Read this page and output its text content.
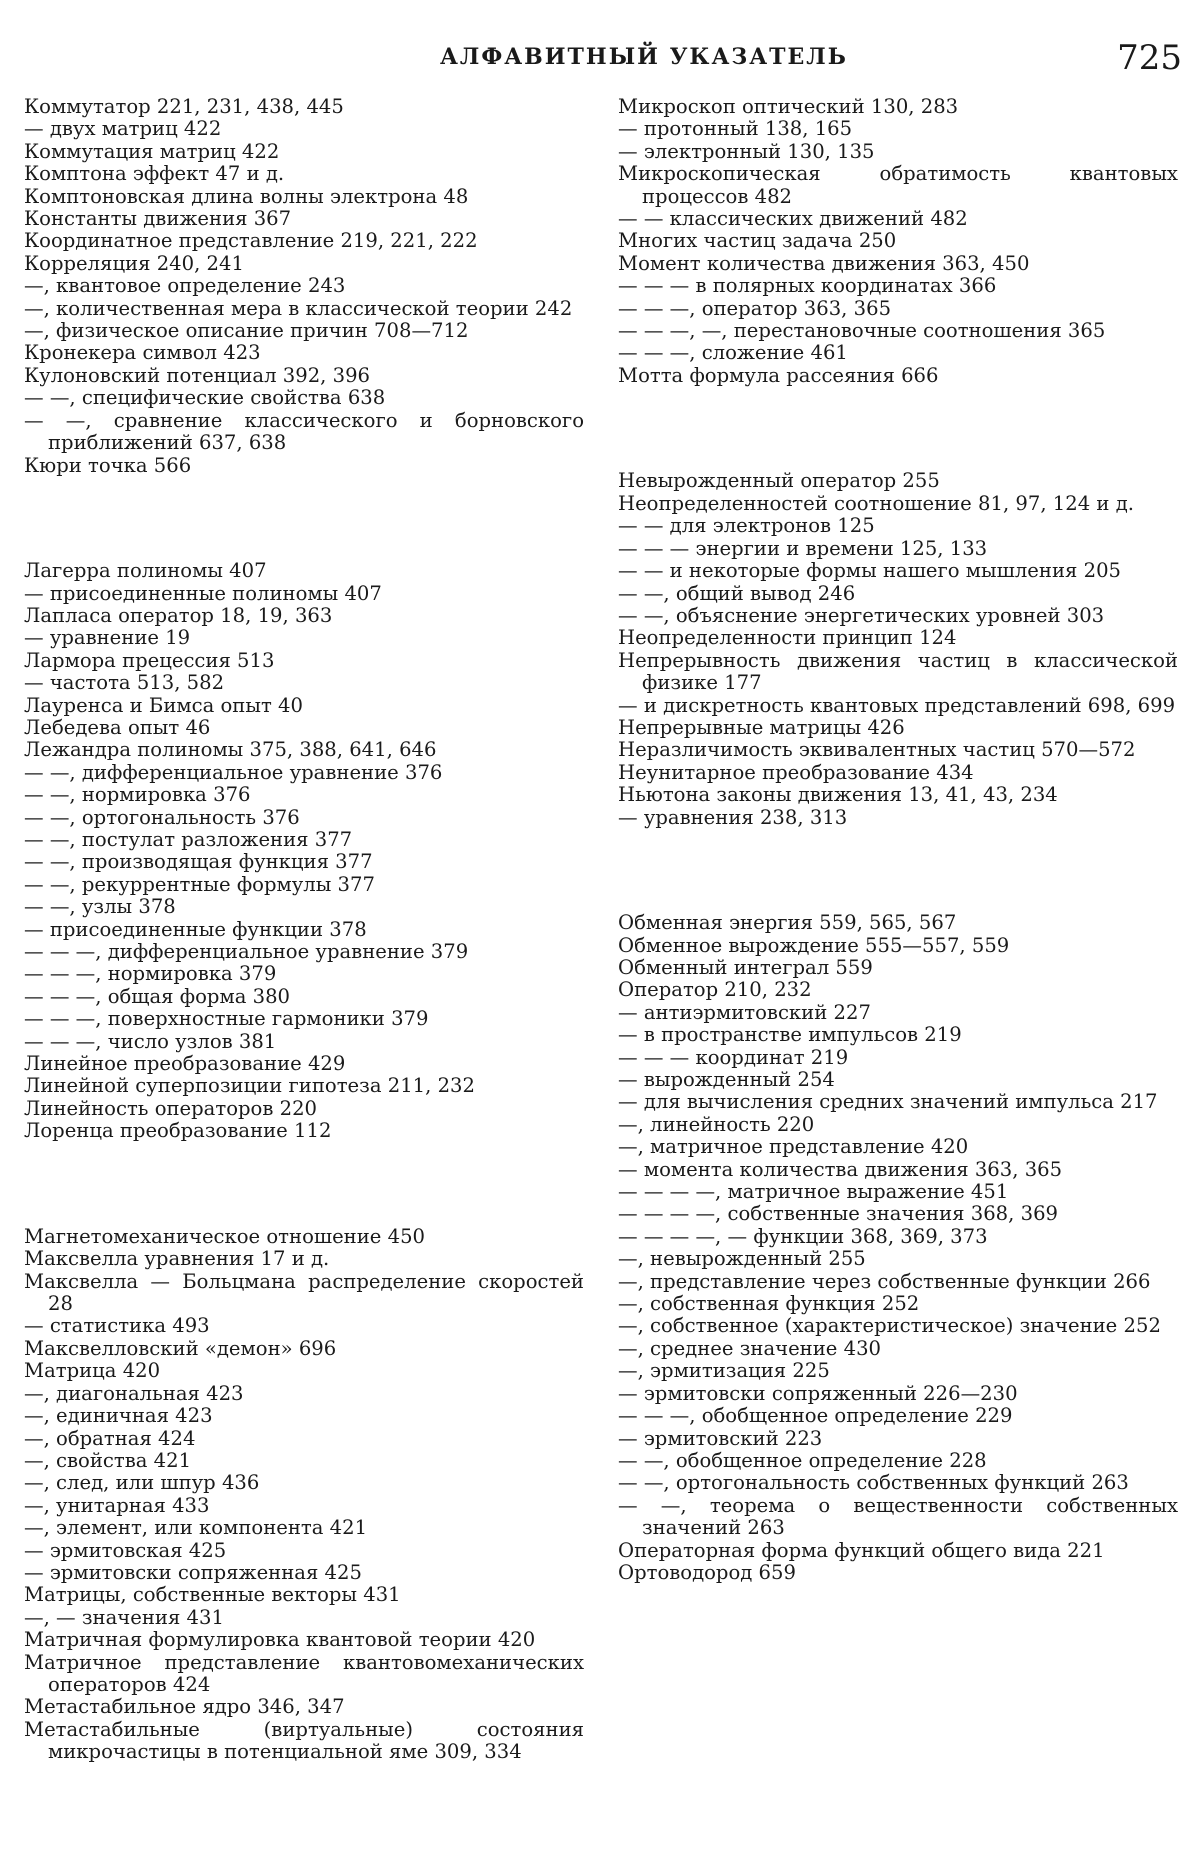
АЛФАВИТНЫЙ УКАЗАТЕЛЬ	725

Коммутатор 221, 231, 438, 445

— двух матриц 422

Коммутация матриц 422

Комптона эффект 47 и д.

Комптоновская длина волны электрона 48

Константы движения 367

Координатное представление 219, 221, 222

Корреляция 240, 241

—, квантовое определение 243

—, количественная мера в классической теории 242

—, физическое описание причин 708—712

Кронекера символ 423

Кулоновский потенциал 392, 396

— —, специфические свойства 638

— —, сравнение классического и борновского приближений 637, 638

Кюри точка 566

Лагерра полиномы 407

— присоединенные полиномы 407

Лапласа оператор 18, 19, 363

— уравнение 19

Лармора прецессия 513

— частота 513, 582

Лауренса и Бимса опыт 40

Лебедева опыт 46

Лежандра полиномы 375, 388, 641, 646

— —, дифференциальное уравнение 376

— —, нормировка 376

— —, ортогональность 376

— —, постулат разложения 377

— —, производящая функция 377

— —, рекуррентные формулы 377

— —, узлы 378

— присоединенные функции 378

— — —, дифференциальное уравнение 379

— — —, нормировка 379

— — —, общая форма 380

— — —, поверхностные гармоники 379

— — —, число узлов 381

Линейное преобразование 429

Линейной суперпозиции гипотеза 211, 232

Линейность операторов 220

Лоренца преобразование 112

Магнетомеханическое отношение 450

Максвелла уравнения 17 и д.

Максвелла — Больцмана распределение скоростей 28

— статистика 493

Максвелловский «демон» 696

Матрица 420

—, диагональная 423

—, единичная 423

—, обратная 424

—, свойства 421

—, след, или шпур 436

—, унитарная 433

—, элемент, или компонента 421

— эрмитовская 425

— эрмитовски сопряженная 425

Матрицы, собственные векторы 431

—, — значения 431

Матричная формулировка квантовой теории 420

Матричное представление квантовомеханических операторов 424

Метастабильное ядро 346, 347

Метастабильные (виртуальные) состояния микрочастицы в потенциальной яме 309, 334

Микроскоп оптический 130, 283

— протонный 138, 165

— электронный 130, 135

Микроскопическая обратимость квантовых процессов 482

— — классических движений 482

Многих частиц задача 250

Момент количества движения 363, 450

— — — в полярных координатах 366

— — —, оператор 363, 365

— — —, —, перестановочные соотношения 365

— — —, сложение 461

Мотта формула рассеяния 666

Невырожденный оператор 255

Неопределенностей соотношение 81, 97, 124 и д.

— — для электронов 125

— — — энергии и времени 125, 133

— — и некоторые формы нашего мышления 205

— —, общий вывод 246

— —, объяснение энергетических уровней 303

Неопределенности принцип 124

Непрерывность движения частиц в классической физике 177

— и дискретность квантовых представлений 698, 699

Непрерывные матрицы 426

Неразличимость эквивалентных частиц 570—572

Неунитарное преобразование 434

Ньютона законы движения 13, 41, 43, 234

— уравнения 238, 313

Обменная энергия 559, 565, 567

Обменное вырождение 555—557, 559

Обменный интеграл 559

Оператор 210, 232

— антиэрмитовский 227

— в пространстве импульсов 219

— — — координат 219

— вырожденный 254

— для вычисления средних значений импульса 217

—, линейность 220

—, матричное представление 420

— момента количества движения 363, 365

— — — —, матричное выражение 451

— — — —, собственные значения 368, 369

— — — —, — функции 368, 369, 373

—, невырожденный 255

—, представление через собственные функции 266

—, собственная функция 252

—, собственное (характеристическое) значение 252

—, среднее значение 430

—, эрмитизация 225

— эрмитовски сопряженный 226—230

— — —, обобщенное определение 229

— эрмитовский 223

— —, обобщенное определение 228

— —, ортогональность собственных функций 263

— —, теорема о вещественности собственных значений 263

Операторная форма функций общего вида 221

Ортоводород 659
